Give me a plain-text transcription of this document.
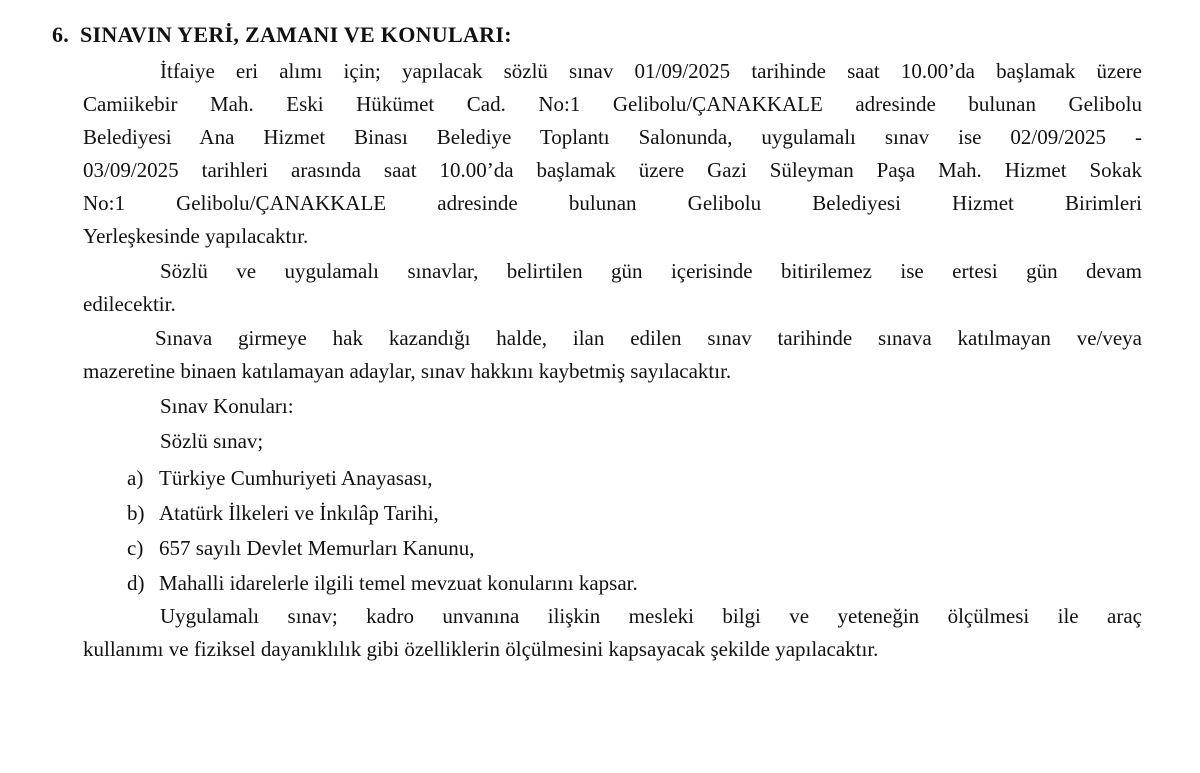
6. SINAVIN YERİ, ZAMANI VE KONULARI:
İtfaiye eri alımı için; yapılacak sözlü sınav 01/09/2025 tarihinde saat 10.00’da başlamak üzere
Camiikebir Mah. Eski Hükümet Cad. No:1 Gelibolu/ÇANAKKALE adresinde bulunan Gelibolu
Belediyesi Ana Hizmet Binası Belediye Toplantı Salonunda, uygulamalı sınav ise 02/09/2025 -
03/09/2025 tarihleri arasında saat 10.00’da başlamak üzere Gazi Süleyman Paşa Mah. Hizmet Sokak
No:1 Gelibolu/ÇANAKKALE adresinde bulunan Gelibolu Belediyesi Hizmet Birimleri
Yerleşkesinde yapılacaktır.
Sözlü ve uygulamalı sınavlar, belirtilen gün içerisinde bitirilemez ise ertesi gün devam
edilecektir.
Sınava girmeye hak kazandığı halde, ilan edilen sınav tarihinde sınava katılmayan ve/veya
mazeretine binaen katılamayan adaylar, sınav hakkını kaybetmiş sayılacaktır.
Sınav Konuları:
Sözlü sınav;
a) Türkiye Cumhuriyeti Anayasası,
b) Atatürk İlkeleri ve İnkılâp Tarihi,
c) 657 sayılı Devlet Memurları Kanunu,
d) Mahalli idarelerle ilgili temel mevzuat konularını kapsar.
Uygulamalı sınav; kadro unvanına ilişkin mesleki bilgi ve yeteneğin ölçülmesi ile araç
kullanımı ve fiziksel dayanıklılık gibi özelliklerin ölçülmesini kapsayacak şekilde yapılacaktır.
